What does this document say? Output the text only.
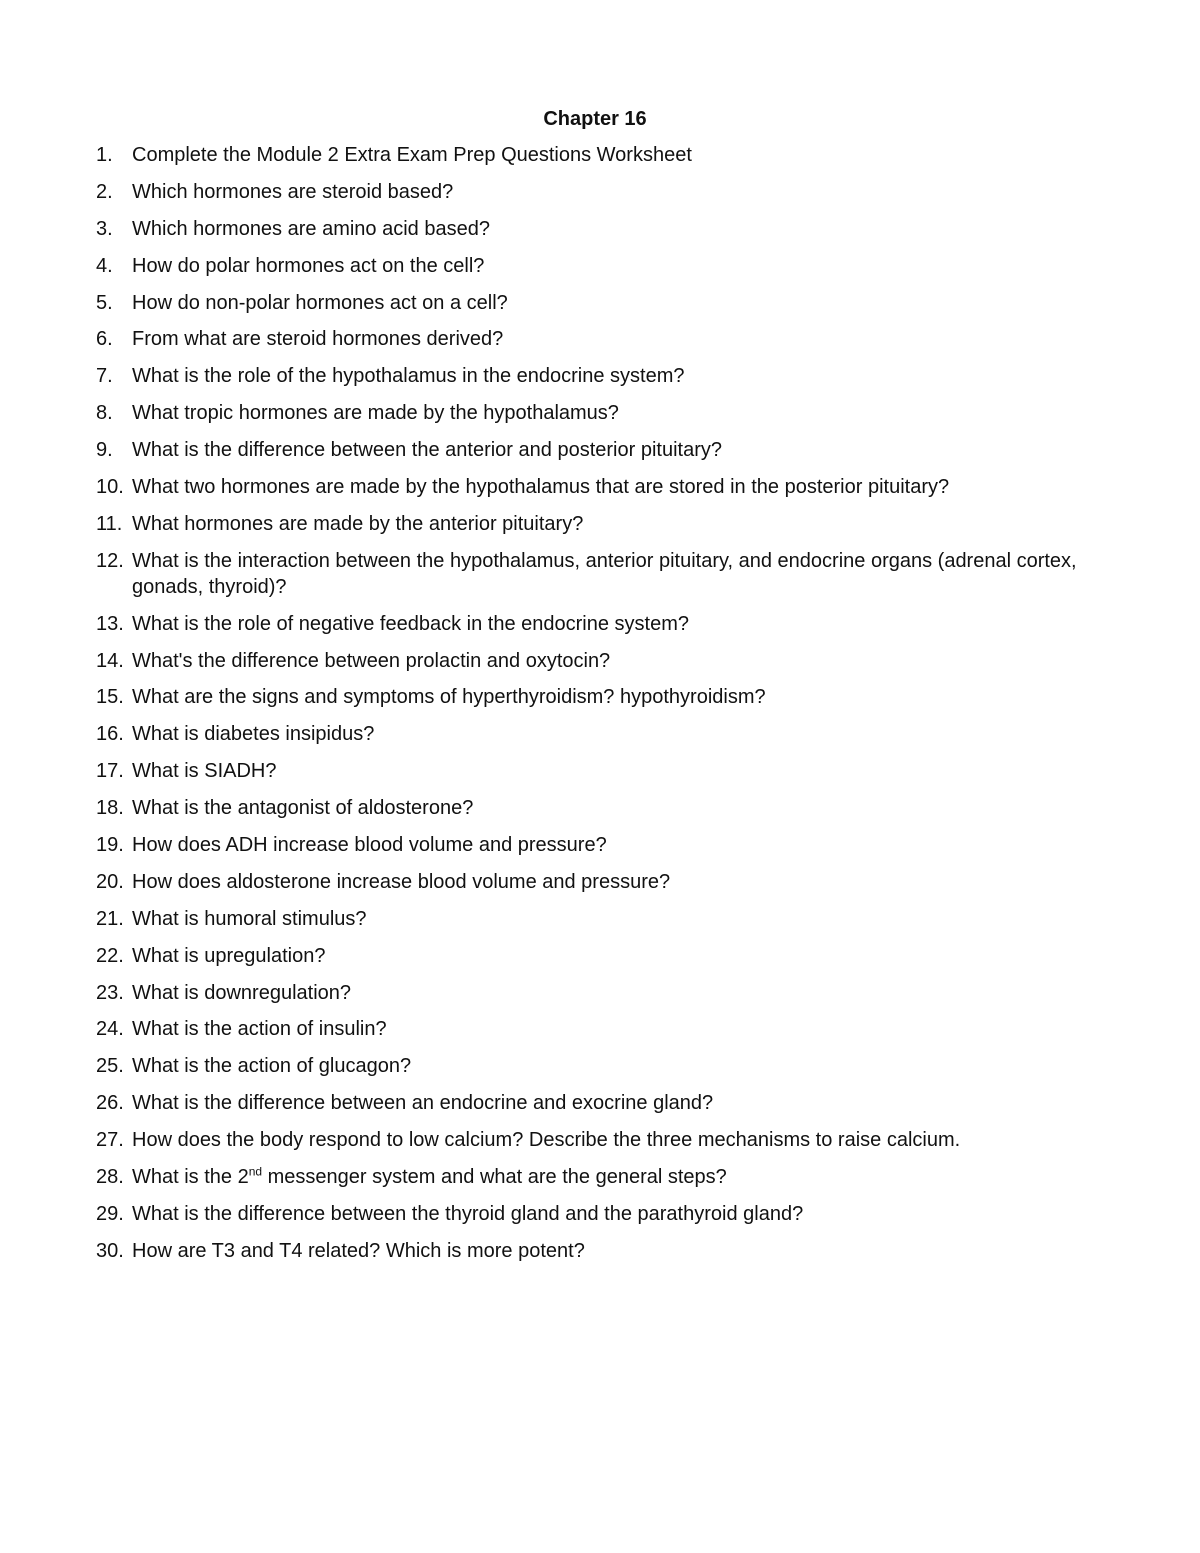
Chapter 16
1. Complete the Module 2 Extra Exam Prep Questions Worksheet
2. Which hormones are steroid based?
3. Which hormones are amino acid based?
4. How do polar hormones act on the cell?
5. How do non-polar hormones act on a cell?
6. From what are steroid hormones derived?
7. What is the role of the hypothalamus in the endocrine system?
8. What tropic hormones are made by the hypothalamus?
9. What is the difference between the anterior and posterior pituitary?
10. What two hormones are made by the hypothalamus that are stored in the posterior pituitary?
11. What hormones are made by the anterior pituitary?
12. What is the interaction between the hypothalamus, anterior pituitary, and endocrine organs (adrenal cortex, gonads, thyroid)?
13. What is the role of negative feedback in the endocrine system?
14. What's the difference between prolactin and oxytocin?
15. What are the signs and symptoms of hyperthyroidism? hypothyroidism?
16. What is diabetes insipidus?
17. What is SIADH?
18. What is the antagonist of aldosterone?
19. How does ADH increase blood volume and pressure?
20. How does aldosterone increase blood volume and pressure?
21. What is humoral stimulus?
22. What is upregulation?
23. What is downregulation?
24. What is the action of insulin?
25. What is the action of glucagon?
26. What is the difference between an endocrine and exocrine gland?
27. How does the body respond to low calcium? Describe the three mechanisms to raise calcium.
28. What is the 2nd messenger system and what are the general steps?
29. What is the difference between the thyroid gland and the parathyroid gland?
30. How are T3 and T4 related? Which is more potent?
